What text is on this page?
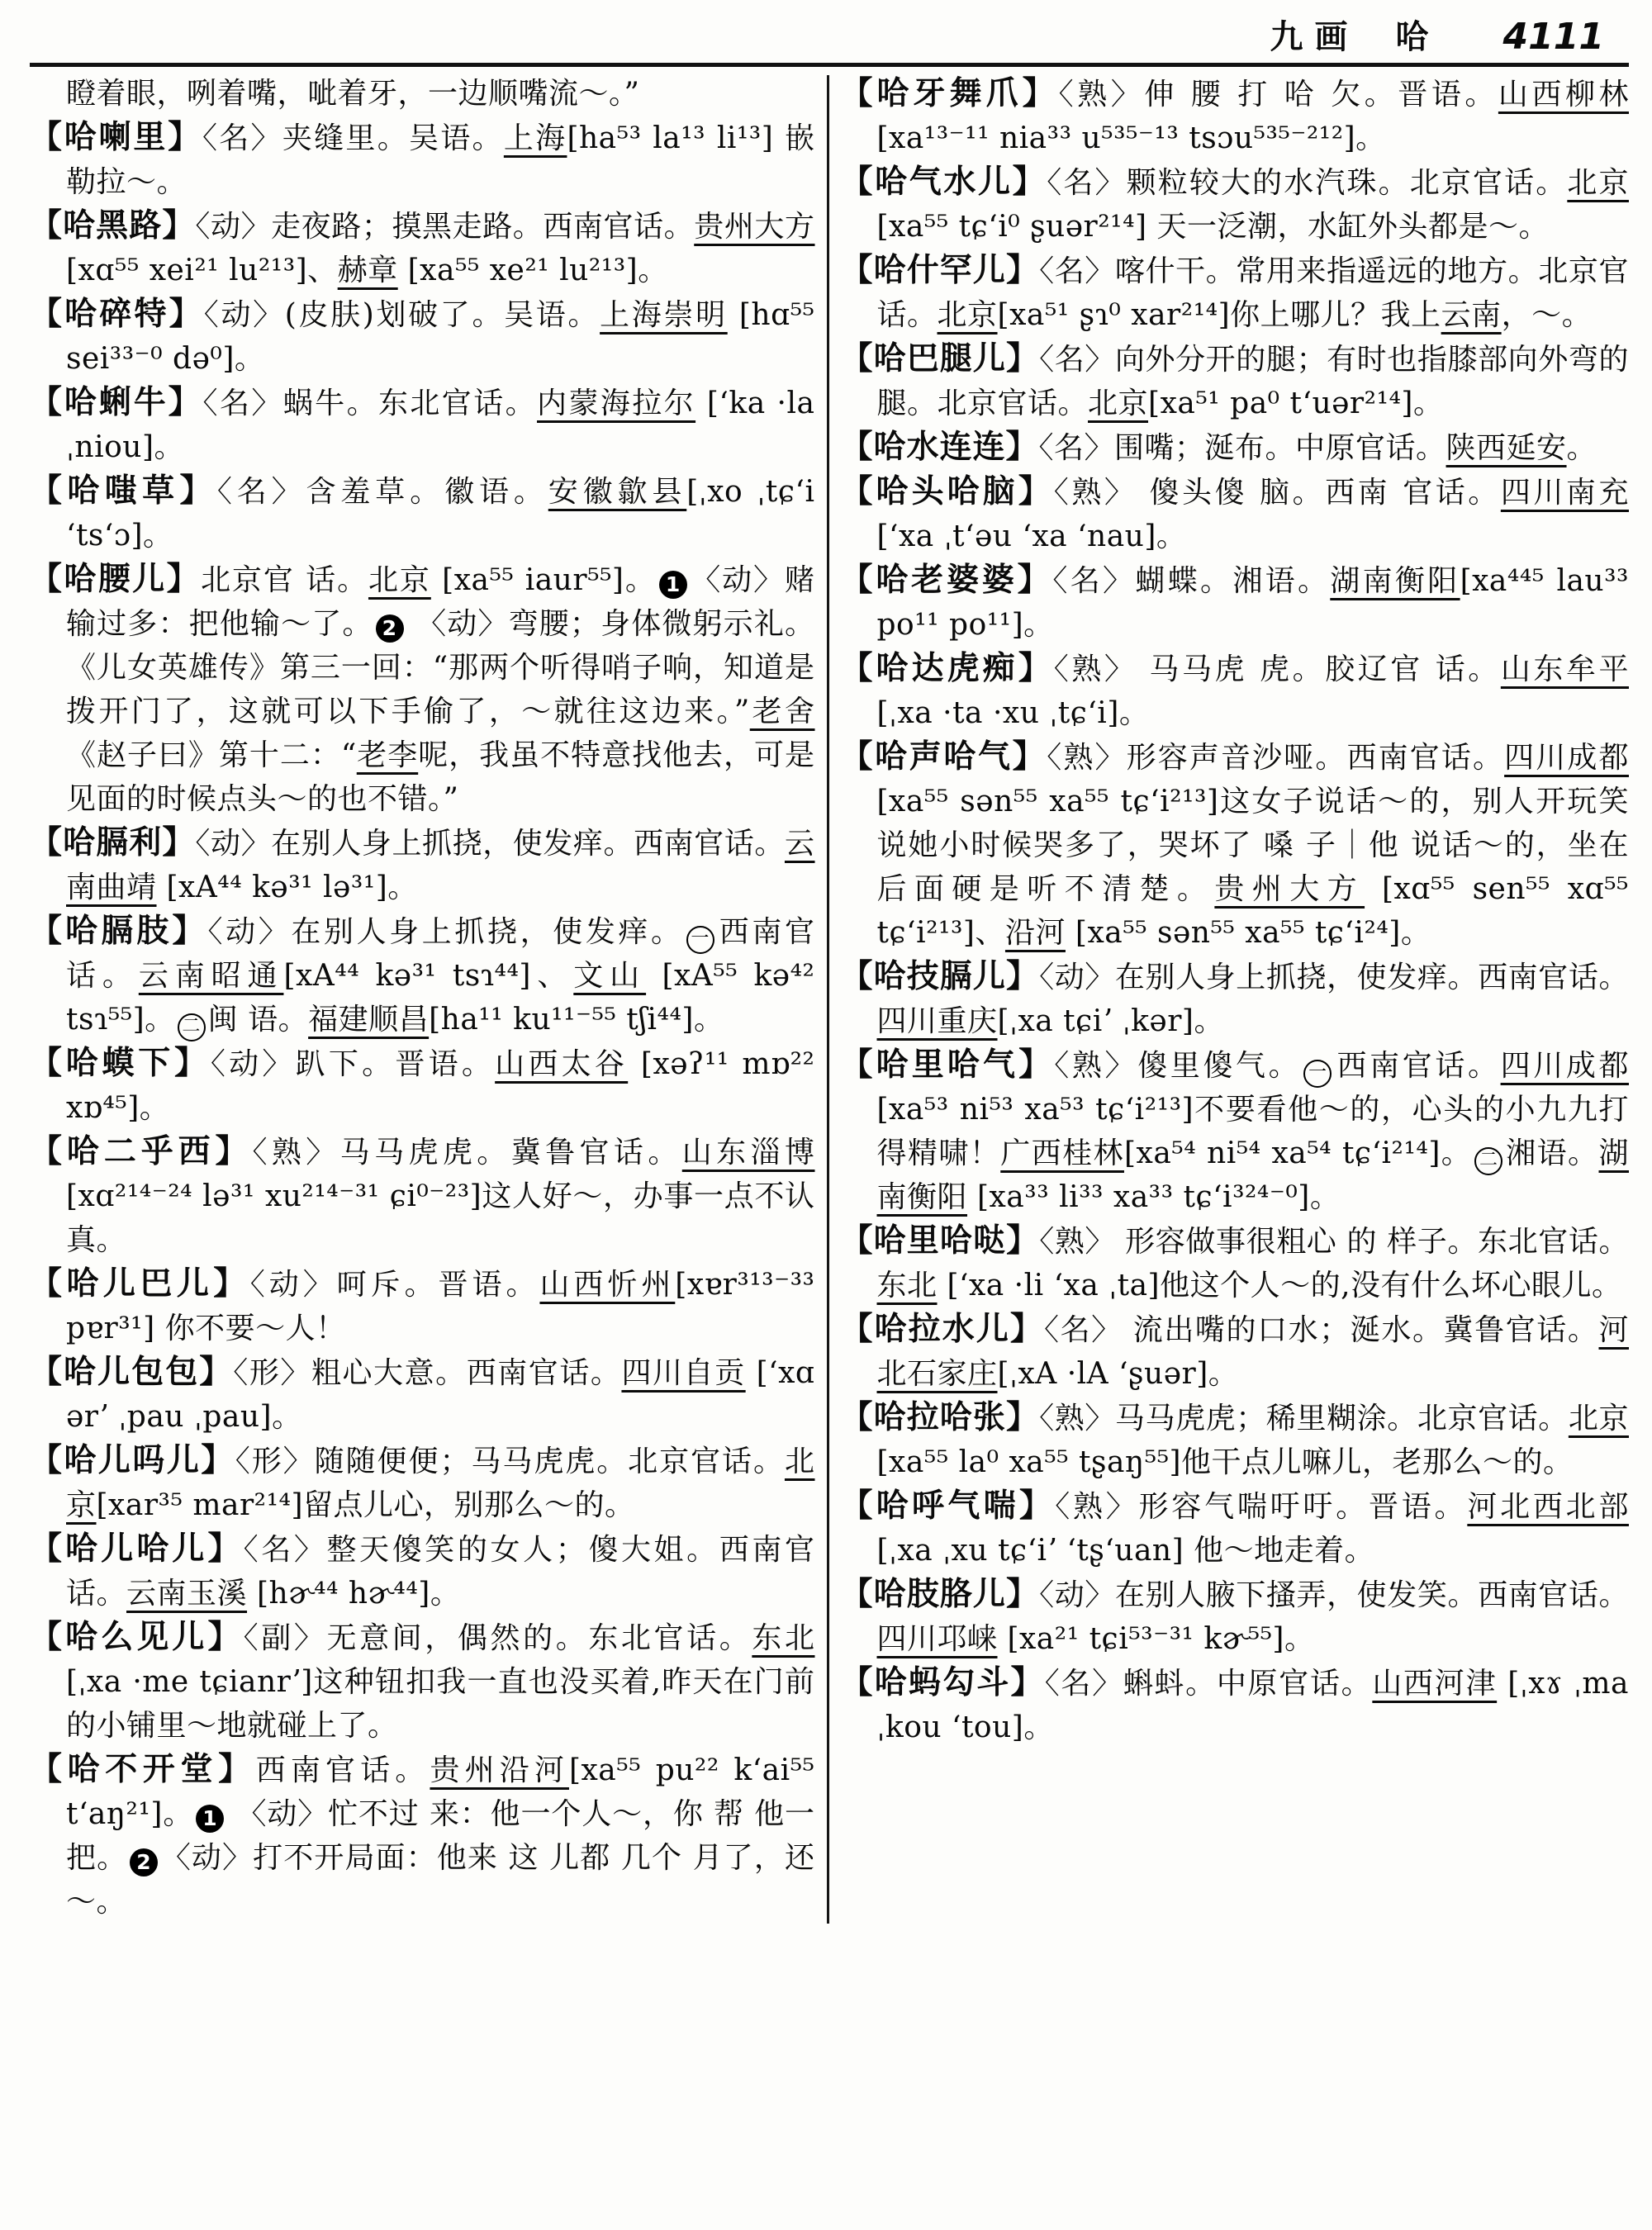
九画 哈 4111

瞪着眼，咧着嘴，呲着牙，一边顺嘴流～。”

【哈喇里】〈名〉夹缝里。吴语。上海[ha⁵³ la¹³ li¹³] 嵌勒拉～。

【哈黑路】〈动〉走夜路；摸黑走路。西南官话。贵州大方[xɑ⁵⁵ xei²¹ lu²¹³]、赫章 [xa⁵⁵ xe²¹ lu²¹³]。

【哈碎特】〈动〉(皮肤)划破了。吴语。上海崇明 [hɑ⁵⁵ sei³³⁻⁰ də⁰]。

【哈蜊牛】〈名〉蜗牛。东北官话。内蒙海拉尔 [ʻka ·la ˌniou]。

【哈嗤草】〈名〉含羞草。徽语。安徽歙县[ˌxo ˌtɕʻi ʻtsʻɔ]。

【哈腰儿】北京官 话。北京 [xa⁵⁵ iaur⁵⁵]。 1 〈动〉赌输过多：把他输～了。 2 〈动〉弯腰；身体微躬示礼。《儿女英雄传》第三一回：“那两个听得哨子响，知道是拨开门了，这就可以下手偷了，～就往这边来。”老舍《赵子曰》第十二：“老李呢，我虽不特意找他去，可是见面的时候点头～的也不错。”

【哈膈利】〈动〉在别人身上抓挠，使发痒。西南官话。云南曲靖 [xA⁴⁴ kə³¹ lə³¹]。

【哈膈肢】〈动〉在别人身上抓挠，使发痒。 一 西南官话。云南昭通[xA⁴⁴ kə³¹ tsɿ⁴⁴]、文山 [xA⁵⁵ kə⁴² tsɿ⁵⁵]。 二 闽 语。福建顺昌[ha¹¹ ku¹¹⁻⁵⁵ tʃi⁴⁴]。

【哈蟆下】〈动〉趴下。晋语。山西太谷 [xəʔ¹¹ mɒ²² xɒ⁴⁵]。

【哈二乎西】〈熟〉马马虎虎。冀鲁官话。山东淄博[xɑ²¹⁴⁻²⁴ lə³¹ xu²¹⁴⁻³¹ ɕi⁰⁻²³]这人好～，办事一点不认真。

【哈儿巴儿】〈动〉呵斥。晋语。山西忻州[xɐr³¹³⁻³³ pɐr³¹] 你不要～人！

【哈儿包包】〈形〉粗心大意。西南官话。四川自贡 [ʻxɑ ərʼ ˌpau ˌpau]。

【哈儿吗儿】〈形〉随随便便；马马虎虎。北京官话。北京[xar³⁵ mar²¹⁴]留点儿心，别那么～的。

【哈儿哈儿】〈名〉整天傻笑的女人；傻大姐。西南官话。云南玉溪 [hɚ⁴⁴ hɚ⁴⁴]。

【哈么见儿】〈副〉无意间，偶然的。东北官话。东北 [ˌxa ·me tɕianrʼ]这种钮扣我一直也没买着,昨天在门前的小铺里～地就碰上了。

【哈不开堂】西南官话。贵州沿河[xa⁵⁵ pu²² kʻai⁵⁵ tʻaŋ²¹]。 1 〈动〉忙不过 来：他一个人～，你 帮 他一把。 2 〈动〉打不开局面：他来 这 儿都 几个 月了，还～。

【哈牙舞爪】〈熟〉伸 腰 打 哈 欠。晋语。山西柳林 [xa¹³⁻¹¹ nia³³ u⁵³⁵⁻¹³ tsɔu⁵³⁵⁻²¹²]。

【哈气水儿】〈名〉颗粒较大的水汽珠。北京官话。北京 [xa⁵⁵ tɕʻi⁰ ʂuər²¹⁴] 天一泛潮，水缸外头都是～。

【哈什罕儿】〈名〉喀什干。常用来指遥远的地方。北京官话。北京[xa⁵¹ ʂɿ⁰ xar²¹⁴]你上哪儿？我上云南，～。

【哈巴腿儿】〈名〉向外分开的腿；有时也指膝部向外弯的腿。北京官话。北京[xa⁵¹ pa⁰ tʻuər²¹⁴]。

【哈水连连】〈名〉围嘴；涎布。中原官话。陕西延安。

【哈头哈脑】〈熟〉 傻头傻 脑。西南 官话。四川南充 [ʻxa ˌtʻəu ʻxa ʻnau]。

【哈老婆婆】〈名〉蝴蝶。湘语。湖南衡阳[xa⁴⁴⁵ lau³³ po¹¹ po¹¹]。

【哈达虎痴】〈熟〉 马马虎 虎。胶辽官 话。山东牟平 [ˌxa ·ta ·xu ˌtɕʻi]。

【哈声哈气】〈熟〉形容声音沙哑。西南官话。四川成都[xa⁵⁵ sən⁵⁵ xa⁵⁵ tɕʻi²¹³]这女子说话～的，别人开玩笑说她小时候哭多了，哭坏了 嗓 子｜他 说话～的，坐在后面硬是听不清楚。贵州大方 [xɑ⁵⁵ sen⁵⁵ xɑ⁵⁵ tɕʻi²¹³]、沿河 [xa⁵⁵ sən⁵⁵ xa⁵⁵ tɕʻi²⁴]。

【哈技膈儿】〈动〉在别人身上抓挠，使发痒。西南官话。四川重庆[ˌxa tɕiʼ ˌkər]。

【哈里哈气】〈熟〉傻里傻气。 一 西南官话。四川成都[xa⁵³ ni⁵³ xa⁵³ tɕʻi²¹³]不要看他～的，心头的小九九打得精啸！广西桂林[xa⁵⁴ ni⁵⁴ xa⁵⁴ tɕʻi²¹⁴]。 二 湘语。湖南衡阳 [xa³³ li³³ xa³³ tɕʻi³²⁴⁻⁰]。

【哈里哈哒】〈熟〉 形容做事很粗心 的 样子。东北官话。东北 [ʻxa ·li ʻxa ˌta]他这个人～的,没有什么坏心眼儿。

【哈拉水儿】〈名〉 流出嘴的口水；涎水。冀鲁官话。河北石家庄[ˌxA ·lA ʻʂuər]。

【哈拉哈张】〈熟〉马马虎虎；稀里糊涂。北京官话。北京 [xa⁵⁵ la⁰ xa⁵⁵ tʂaŋ⁵⁵]他干点儿嘛儿，老那么～的。

【哈呼气喘】〈熟〉形容气喘吁吁。晋语。河北西北部 [ˌxa ˌxu tɕʻiʼ ʻtʂʻuan] 他～地走着。

【哈肢胳儿】〈动〉在别人腋下搔弄，使发笑。西南官话。四川邛崃 [xa²¹ tɕi⁵³⁻³¹ kɚ⁵⁵]。

【哈蚂勾斗】〈名〉蝌蚪。中原官话。山西河津 [ˌxɤ ˌma ˌkou ʻtou]。
